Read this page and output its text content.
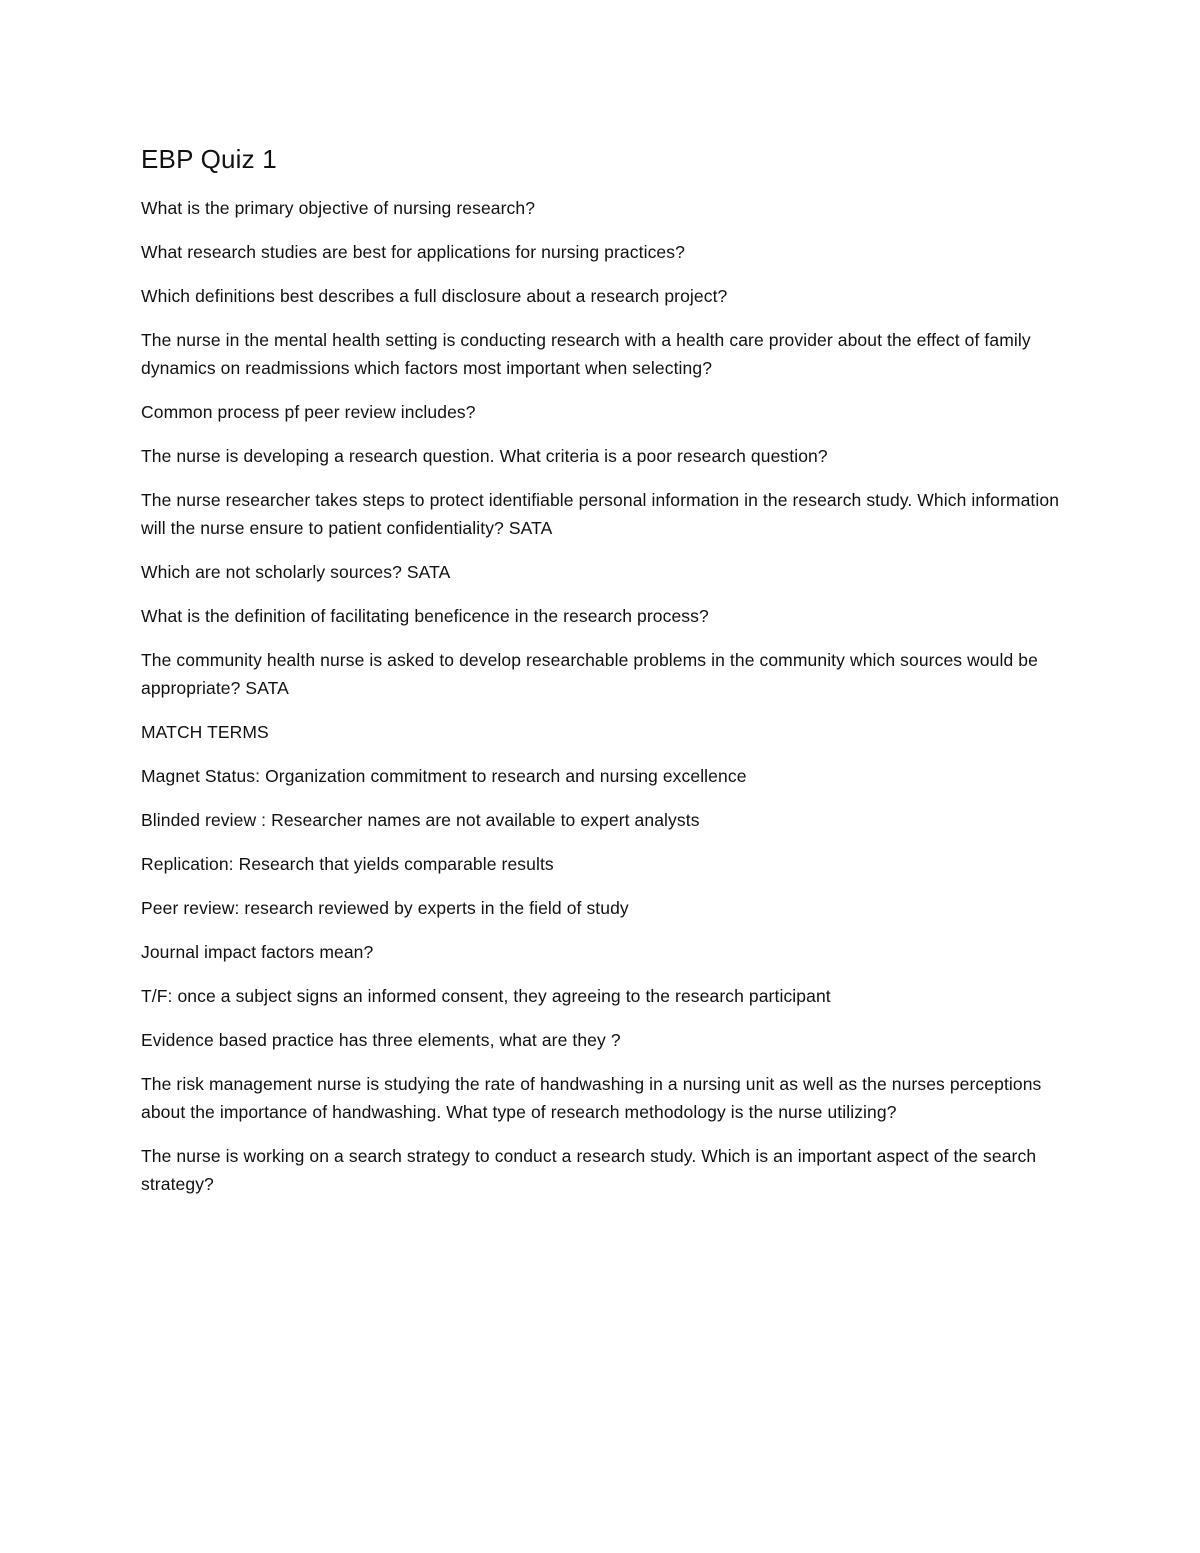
EBP Quiz 1

What is the primary objective of nursing research?

What research studies are best for applications for nursing practices?

Which definitions best describes a full disclosure about a research project?

The nurse in the mental health setting is conducting research with a health care provider about the effect of family dynamics on readmissions which factors most important when selecting?

Common process pf peer review includes?

The nurse is developing a research question. What criteria is a poor research question?

The nurse researcher takes steps to protect identifiable personal information in the research study. Which information will the nurse ensure to patient confidentiality? SATA

Which are not scholarly sources? SATA

What is the definition of facilitating beneficence in the research process?

The community health nurse is asked to develop researchable problems in the community which sources would be appropriate? SATA

MATCH TERMS

Magnet Status: Organization commitment to research and nursing excellence

Blinded review : Researcher names are not available to expert analysts

Replication: Research that yields comparable results

Peer review: research reviewed by experts in the field of study

Journal impact factors mean?

T/F: once a subject signs an informed consent, they agreeing to the research participant

Evidence based practice has three elements, what are they ?

The risk management nurse is studying the rate of handwashing in a nursing unit as well as the nurses perceptions about the importance of handwashing. What type of research methodology is the nurse utilizing?

The nurse is working on a search strategy to conduct a research study. Which is an important aspect of the search strategy?
